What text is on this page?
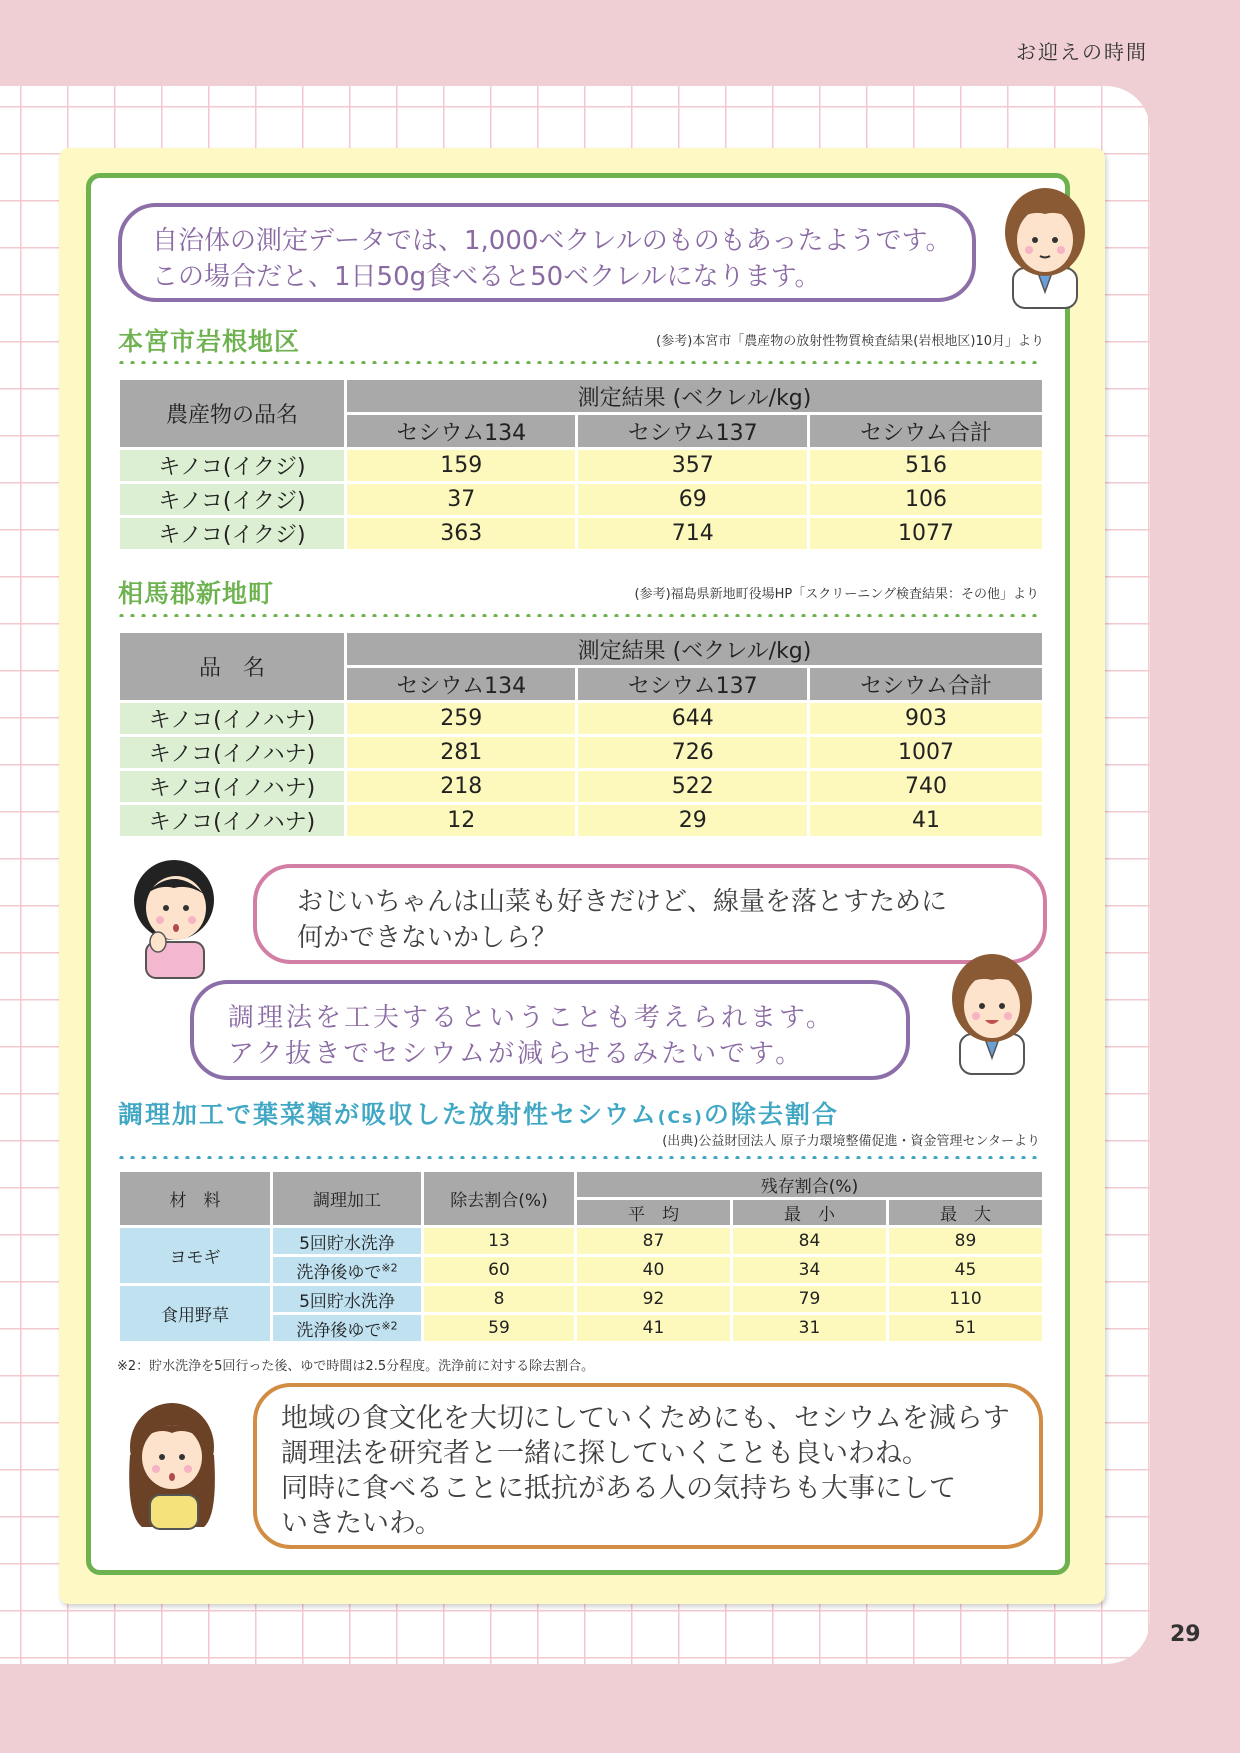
お迎えの時間
29
自治体の測定データでは、1,000ベクレルのものもあったようです。
この場合だと、1日50g食べると50ベクレルになります。
本宮市岩根地区	(参考)本宮市「農産物の放射性物質検査結果(岩根地区)10月」より
農産物の品名	測定結果 (ベクレル/kg)		
	セシウム134	セシウム137	セシウム合計
キノコ(イクジ)	159	357	516
キノコ(イクジ)	37	69	106
キノコ(イクジ)	363	714	1077
相馬郡新地町	(参考)福島県新地町役場HP「スクリーニング検査結果：その他」より
品　名	測定結果 (ベクレル/kg)		
	セシウム134	セシウム137	セシウム合計
キノコ(イノハナ)	259	644	903
キノコ(イノハナ)	281	726	1007
キノコ(イノハナ)	218	522	740
キノコ(イノハナ)	12	29	41
おじいちゃんは山菜も好きだけど、線量を落とすために
何かできないかしら？
調理法を工夫するということも考えられます。
アク抜きでセシウムが減らせるみたいです。
調理加工で葉菜類が吸収した放射性セシウム(Cs)の除去割合
(出典)公益財団法人 原子力環境整備促進・資金管理センターより
材　料	調理加工	除去割合(%)	残存割合(%)		
			平　均	最　小	最　大
ヨモギ	5回貯水洗浄	13	87	84	89
	洗浄後ゆで$^{※2}$	60	40	34	45
食用野草	5回貯水洗浄	8	92	79	110
	洗浄後ゆで$^{※2}$	59	41	31	51
※2：貯水洗浄を5回行った後、ゆで時間は2.5分程度。洗浄前に対する除去割合。
地域の食文化を大切にしていくためにも、セシウムを減らす
調理法を研究者と一緒に探していくことも良いわね。
同時に食べることに抵抗がある人の気持ちも大事にして
いきたいわ。
